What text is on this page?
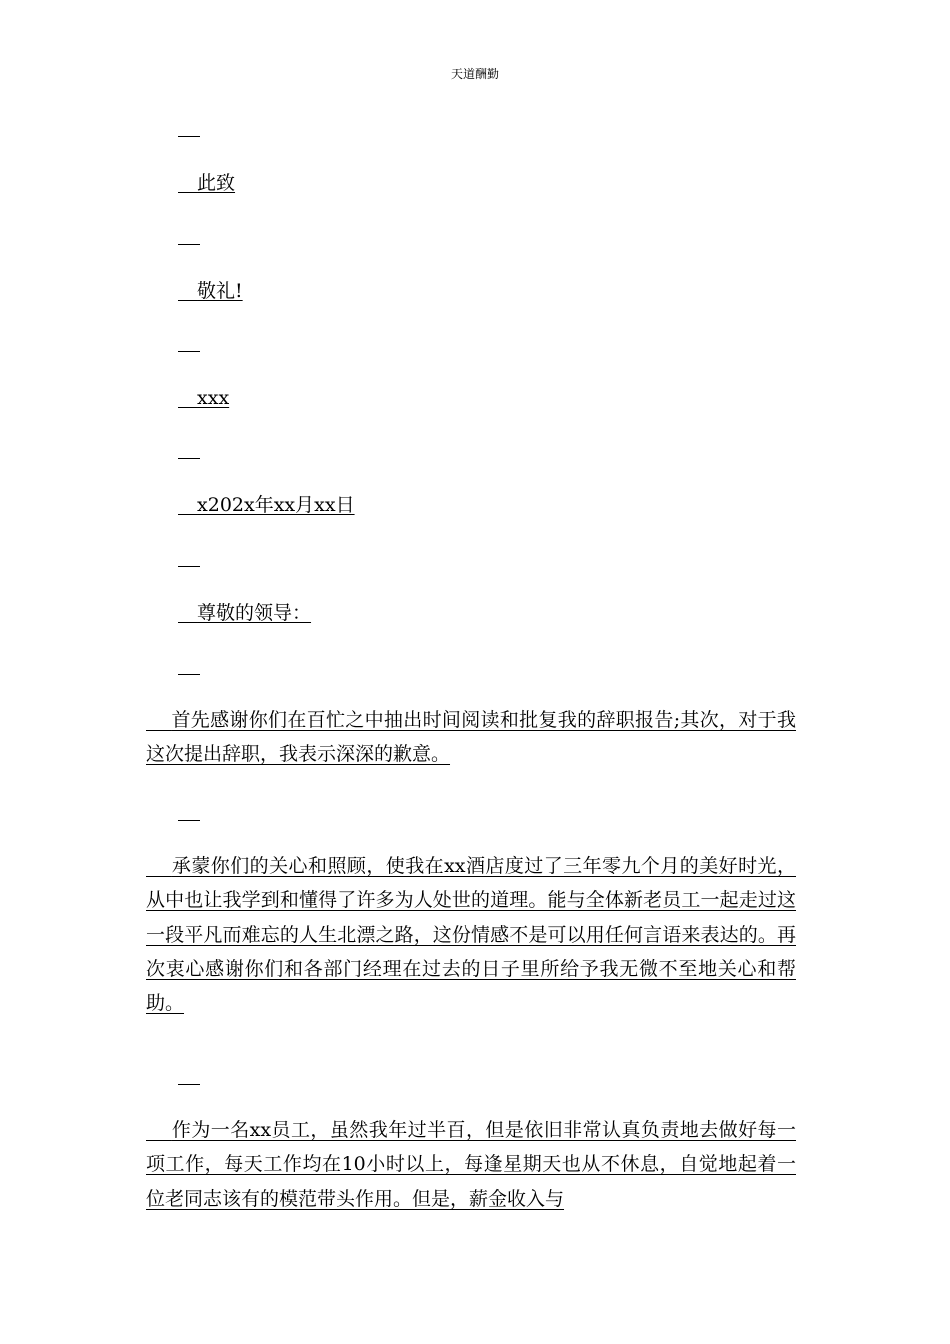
天道酬勤
　此致
　敬礼!
　xxx
　x202x年xx月xx日
　尊敬的领导：
首先感谢你们在百忙之中抽出时间阅读和批复我的辞职报告;其次，对于我这次提出辞职，我表示深深的歉意。
承蒙你们的关心和照顾，使我在xx酒店度过了三年零九个月的美好时光，从中也让我学到和懂得了许多为人处世的道理。能与全体新老员工一起走过这一段平凡而难忘的人生北漂之路，这份情感不是可以用任何言语来表达的。再次衷心感谢你们和各部门经理在过去的日子里所给予我无微不至地关心和帮助。
作为一名xx员工，虽然我年过半百，但是依旧非常认真负责地去做好每一项工作，每天工作均在10小时以上，每逢星期天也从不休息，自觉地起着一位老同志该有的模范带头作用。但是，薪金收入与
